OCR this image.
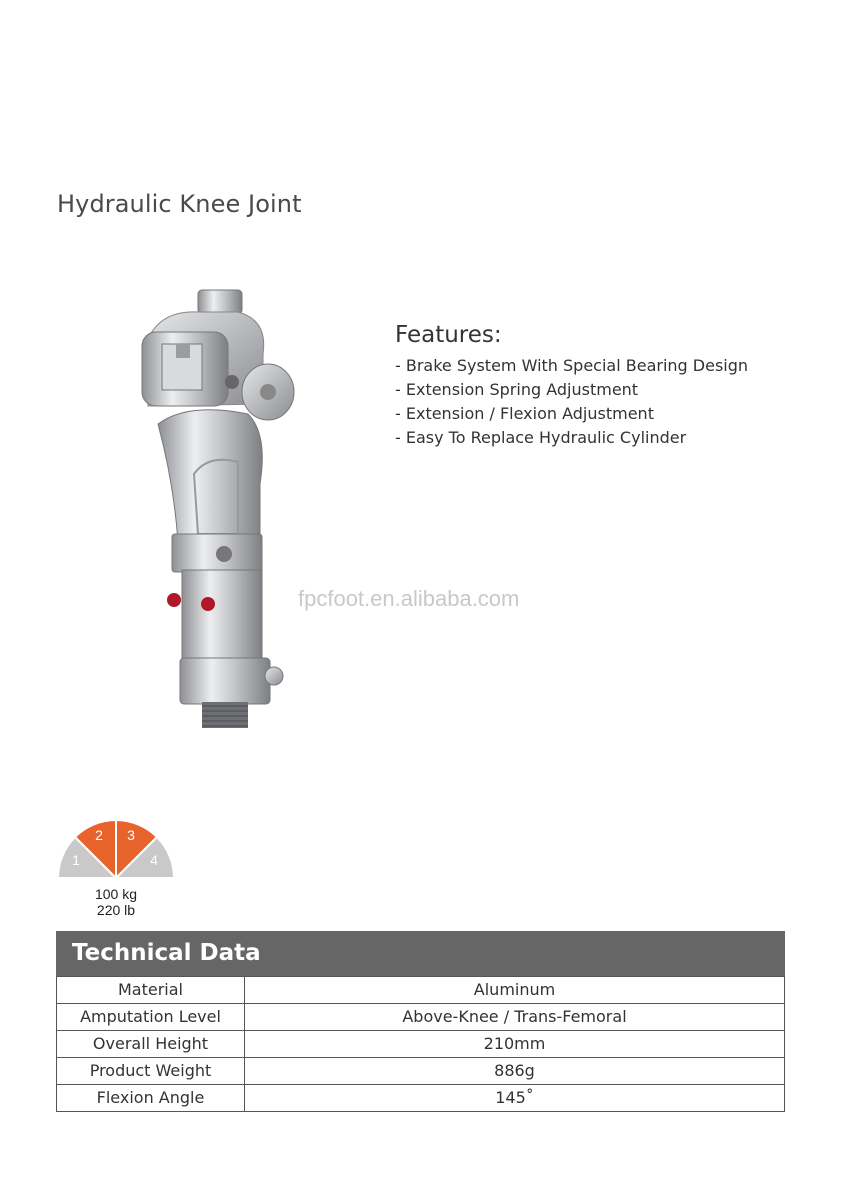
Hydraulic Knee Joint
Features:
- Brake System With Special Bearing Design
- Extension Spring Adjustment
- Extension / Flexion Adjustment
- Easy To Replace Hydraulic Cylinder
fpcfoot.en.alibaba.com
1
2 3
4
100 kg
220 lb
Technical Data
Material	Aluminum
Amputation Level	Above-Knee / Trans-Femoral
Overall Height	210mm
Product Weight	886g
Flexion Angle	145˚
